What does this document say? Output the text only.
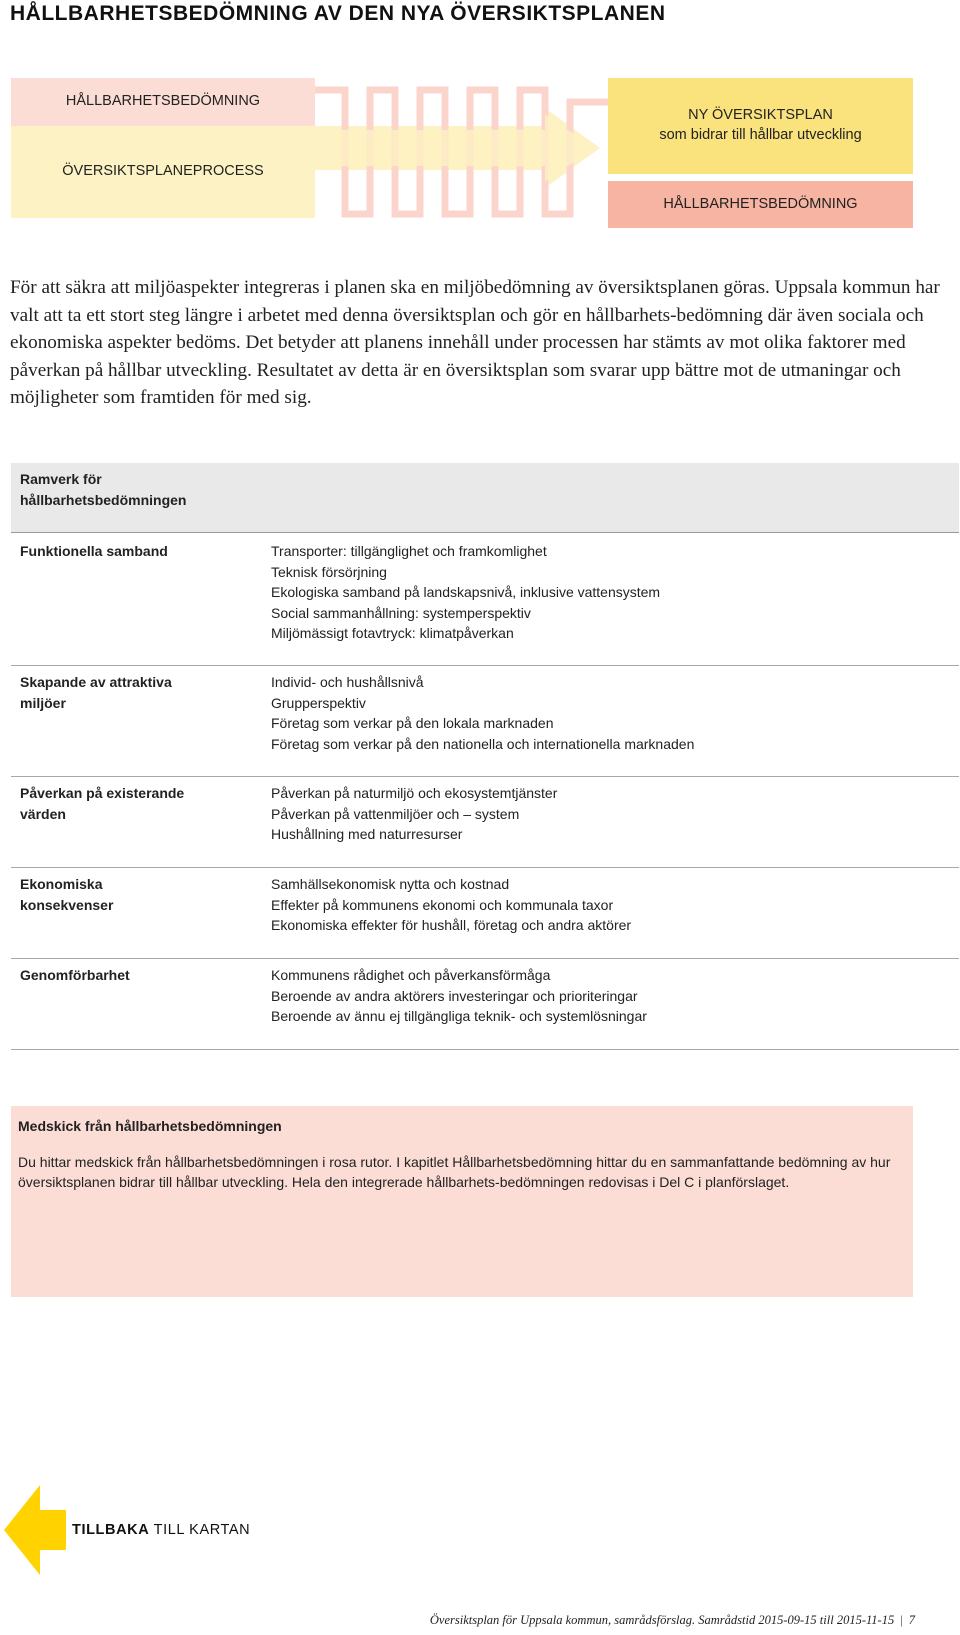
HÅLLBARHETSBEDÖMNING AV DEN NYA ÖVERSIKTSPLANEN
HÅLLBARHETSBEDÖMNING
ÖVERSIKTSPLANEPROCESS
NY ÖVERSIKTSPLAN
som bidrar till hållbar utveckling
HÅLLBARHETSBEDÖMNING
För att säkra att miljöaspekter integreras i planen ska en miljöbedömning av översiktsplanen göras. Uppsala kommun har valt att ta ett stort steg längre i arbetet med denna översiktsplan och gör en hållbarhets-bedömning där även sociala och ekonomiska aspekter bedöms. Det betyder att planens innehåll under processen har stämts av mot olika faktorer med påverkan på hållbar utveckling. Resultatet av detta är en översiktsplan som svarar upp bättre mot de utmaningar och möjligheter som framtiden för med sig.
Ramverk för hållbarhetsbedömningen
Funktionella samband	Transporter: tillgänglighet och framkomlighet
Teknisk försörjning
Ekologiska samband på landskapsnivå, inklusive vattensystem
Social sammanhållning: systemperspektiv
Miljömässigt fotavtryck: klimatpåverkan
Skapande av attraktiva miljöer
Individ- och hushållsnivå
Grupperspektiv
Företag som verkar på den lokala marknaden
Företag som verkar på den nationella och internationella marknaden
Påverkan på existerande värden
Påverkan på naturmiljö och ekosystemtjänster
Påverkan på vattenmiljöer och – system
Hushållning med naturresurser
Ekonomiska konsekvenser
Samhällsekonomisk nytta och kostnad
Effekter på kommunens ekonomi och kommunala taxor
Ekonomiska effekter för hushåll, företag och andra aktörer
Genomförbarhet	Kommunens rådighet och påverkansförmåga
Beroende av andra aktörers investeringar och prioriteringar
Beroende av ännu ej tillgängliga teknik- och systemlösningar
Medskick från hållbarhetsbedömningen
Du hittar medskick från hållbarhetsbedömningen i rosa rutor. I kapitlet Hållbarhetsbedömning hittar du en sammanfattande bedömning av hur översiktsplanen bidrar till hållbar utveckling. Hela den integrerade hållbarhets-bedömningen redovisas i Del C i planförslaget.
TILLBAKA TILL KARTAN
Översiktsplan för Uppsala kommun, samrådsförslag. Samrådstid 2015-09-15 till 2015-11-15 | 7
